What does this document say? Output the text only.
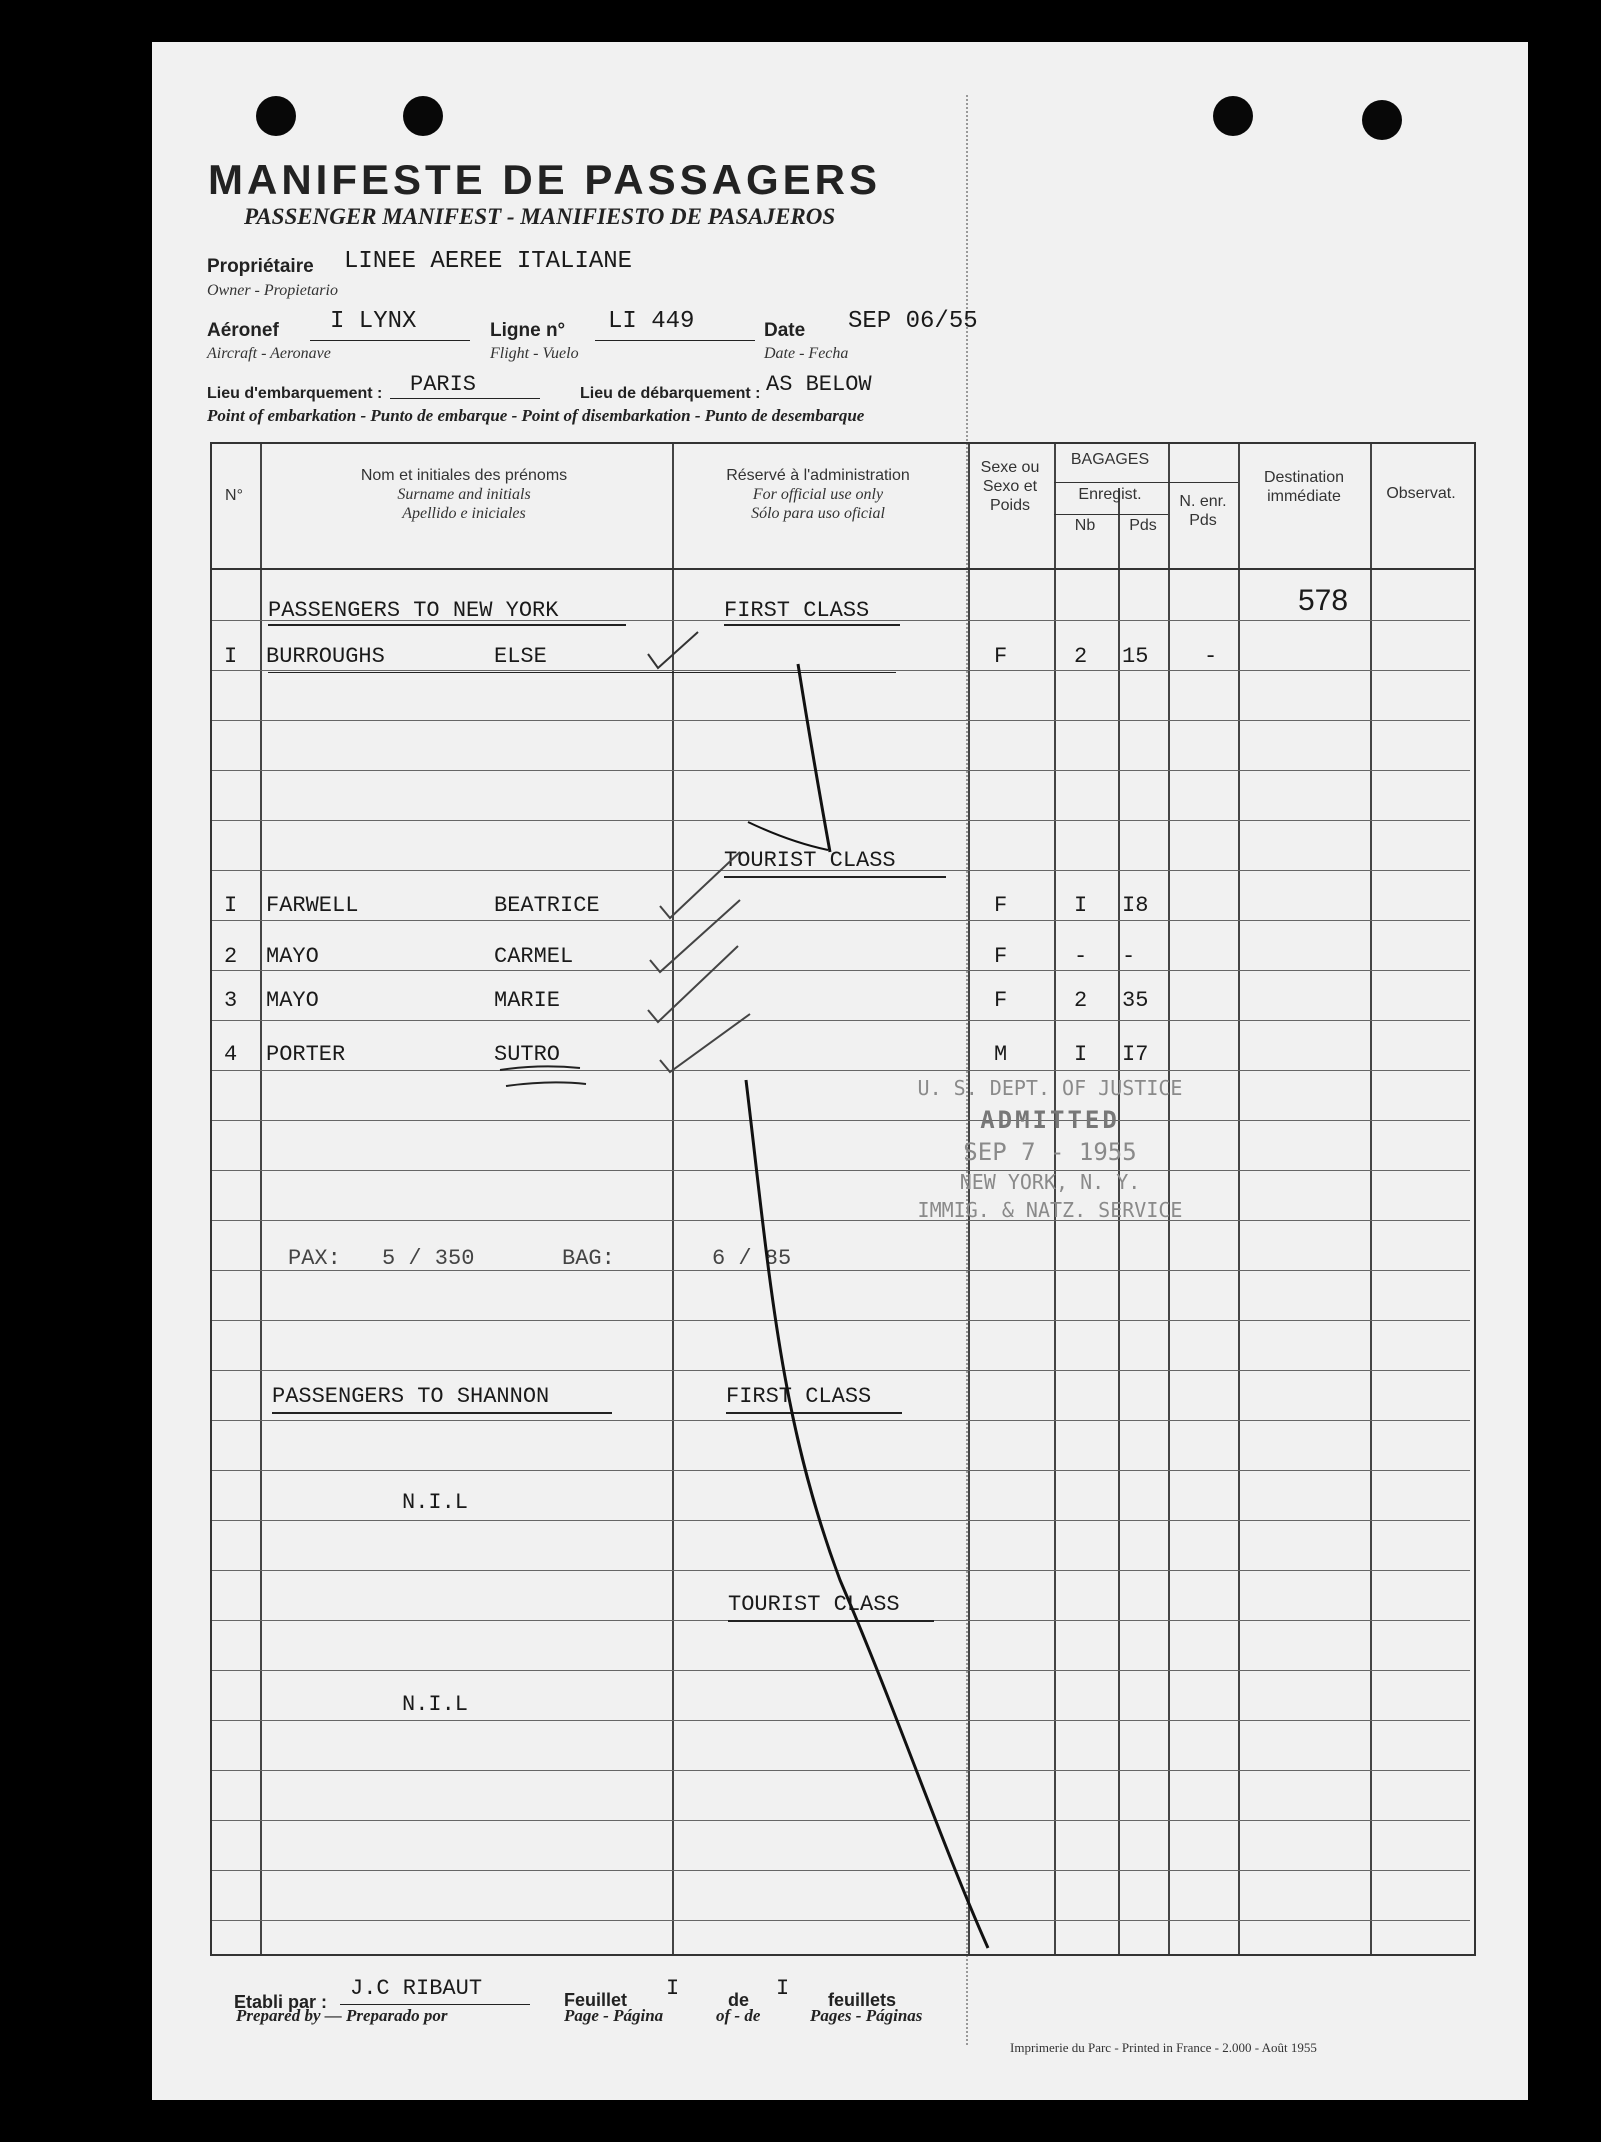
MANIFESTE DE PASSAGERS
PASSENGER MANIFEST - MANIFIESTO DE PASAJEROS
Propriétaire
Owner - Propietario
LINEE AEREE ITALIANE
Aéronef
Aircraft - Aeronave
I LYNX	Ligne n°
Flight - Vuelo
LI 449	Date
Date - Fecha
SEP 06/55
Lieu d'embarquement : PARIS	Lieu de débarquement : AS BELOW
Point of embarkation - Punto de embarque - Point of disembarkation - Punto de desembarque
N°
Nom et initiales des prénoms
Surname and initials
Apellido e iniciales
Réservé à l'administration
For official use only
Sólo para uso oficial
Sexe ou Sexo et Poids
BAGAGES
Enregist.
Nb	Pds
N. enr.
Pds
Destination immédiate	Observat.
PASSENGERS TO NEW YORK	FIRST CLASS	578
I BURROUGHS	ELSE	F	2 15	-
TOURIST CLASS
I FARWELL	BEATRICE	F	I I8
2 MAYO	CARMEL	F	- -
3 MAYO	MARIE	F	2 35
4 PORTER	SUTRO	M	I I7
PAX: 5 / 350	BAG:	6 / 85
U. S. DEPT. OF JUSTICE
ADMITTED
SEP 7 - 1955
NEW YORK, N. Y.
IMMIG. & NATZ. SERVICE
PASSENGERS TO SHANNON	FIRST CLASS
N.I.L
TOURIST CLASS
N.I.L
Etabli par :
J.C RIBAUT
Prepared by — Preparado por
Feuillet I	de I feuillets
Page - Página	of - de	Pages - Páginas
Imprimerie du Parc - Printed in France - 2.000 - Août 1955
